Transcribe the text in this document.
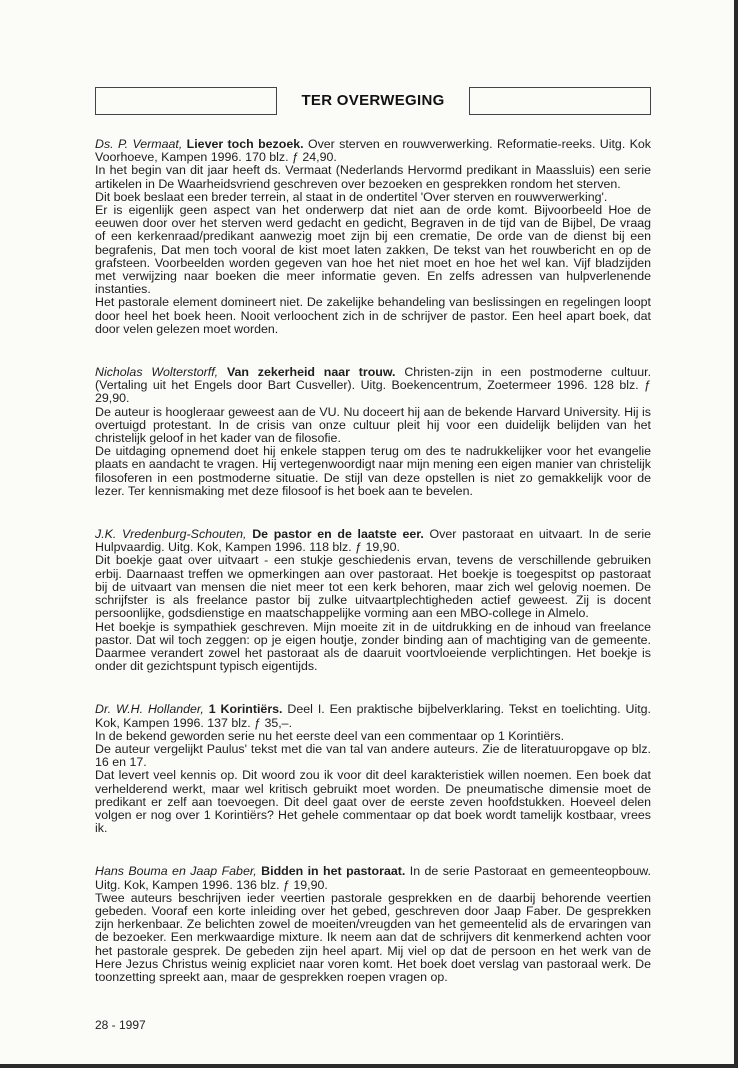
TER OVERWEGING

Ds. P. Vermaat, Liever toch bezoek. Over sterven en rouwverwerking. Reformatie-reeks. Uitg. Kok Voorhoeve, Kampen 1996. 170 blz. ƒ 24,90.

In het begin van dit jaar heeft ds. Vermaat (Nederlands Hervormd predikant in Maassluis) een serie artikelen in De Waarheidsvriend geschreven over bezoeken en gesprekken rondom het sterven.

Dit boek beslaat een breder terrein, al staat in de ondertitel 'Over sterven en rouwverwerking'.

Er is eigenlijk geen aspect van het onderwerp dat niet aan de orde komt. Bijvoorbeeld Hoe de eeuwen door over het sterven werd gedacht en gedicht, Begraven in de tijd van de Bijbel, De vraag of een kerkenraad/predikant aanwezig moet zijn bij een crematie, De orde van de dienst bij een begrafenis, Dat men toch vooral de kist moet laten zakken, De tekst van het rouwbericht en op de grafsteen. Voorbeelden worden gegeven van hoe het niet moet en hoe het wel kan. Vijf bladzijden met verwijzing naar boeken die meer informatie geven. En zelfs adressen van hulpverlenende instanties.

Het pastorale element domineert niet. De zakelijke behandeling van beslissingen en regelingen loopt door heel het boek heen. Nooit verloochent zich in de schrijver de pastor. Een heel apart boek, dat door velen gelezen moet worden.

Nicholas Wolterstorff, Van zekerheid naar trouw. Christen-zijn in een postmoderne cultuur. (Vertaling uit het Engels door Bart Cusveller). Uitg. Boekencentrum, Zoetermeer 1996. 128 blz. ƒ 29,90.

De auteur is hoogleraar geweest aan de VU. Nu doceert hij aan de bekende Harvard University. Hij is overtuigd protestant. In de crisis van onze cultuur pleit hij voor een duidelijk belijden van het christelijk geloof in het kader van de filosofie.

De uitdaging opnemend doet hij enkele stappen terug om des te nadrukkelijker voor het evangelie plaats en aandacht te vragen. Hij vertegenwoordigt naar mijn mening een eigen manier van christelijk filosoferen in een postmoderne situatie. De stijl van deze opstellen is niet zo gemakkelijk voor de lezer. Ter kennismaking met deze filosoof is het boek aan te bevelen.

J.K. Vredenburg-Schouten, De pastor en de laatste eer. Over pastoraat en uitvaart. In de serie Hulpvaardig. Uitg. Kok, Kampen 1996. 118 blz. ƒ 19,90.

Dit boekje gaat over uitvaart - een stukje geschiedenis ervan, tevens de verschillende gebruiken erbij. Daarnaast treffen we opmerkingen aan over pastoraat. Het boekje is toegespitst op pastoraat bij de uitvaart van mensen die niet meer tot een kerk behoren, maar zich wel gelovig noemen. De schrijfster is als freelance pastor bij zulke uitvaartplechtigheden actief geweest. Zij is docent persoonlijke, godsdienstige en maatschappelijke vorming aan een MBO-college in Almelo.

Het boekje is sympathiek geschreven. Mijn moeite zit in de uitdrukking en de inhoud van freelance pastor. Dat wil toch zeggen: op je eigen houtje, zonder binding aan of machtiging van de gemeente. Daarmee verandert zowel het pastoraat als de daaruit voortvloeiende verplichtingen. Het boekje is onder dit gezichtspunt typisch eigentijds.

Dr. W.H. Hollander, 1 Korintiërs. Deel I. Een praktische bijbelverklaring. Tekst en toelichting. Uitg. Kok, Kampen 1996. 137 blz. ƒ 35,–.

In de bekend geworden serie nu het eerste deel van een commentaar op 1 Korintiërs.

De auteur vergelijkt Paulus' tekst met die van tal van andere auteurs. Zie de literatuuropgave op blz. 16 en 17.

Dat levert veel kennis op. Dit woord zou ik voor dit deel karakteristiek willen noemen. Een boek dat verhelderend werkt, maar wel kritisch gebruikt moet worden. De pneumatische dimensie moet de predikant er zelf aan toevoegen. Dit deel gaat over de eerste zeven hoofdstukken. Hoeveel delen volgen er nog over 1 Korintiërs? Het gehele commentaar op dat boek wordt tamelijk kostbaar, vrees ik.

Hans Bouma en Jaap Faber, Bidden in het pastoraat. In de serie Pastoraat en gemeenteopbouw. Uitg. Kok, Kampen 1996. 136 blz. ƒ 19,90.

Twee auteurs beschrijven ieder veertien pastorale gesprekken en de daarbij behorende veertien gebeden. Vooraf een korte inleiding over het gebed, geschreven door Jaap Faber. De gesprekken zijn herkenbaar. Ze belichten zowel de moeiten/vreugden van het gemeentelid als de ervaringen van de bezoeker. Een merkwaardige mixture. Ik neem aan dat de schrijvers dit kenmerkend achten voor het pastorale gesprek. De gebeden zijn heel apart. Mij viel op dat de persoon en het werk van de Here Jezus Christus weinig expliciet naar voren komt. Het boek doet verslag van pastoraal werk. De toonzetting spreekt aan, maar de gesprekken roepen vragen op.

28 - 1997
